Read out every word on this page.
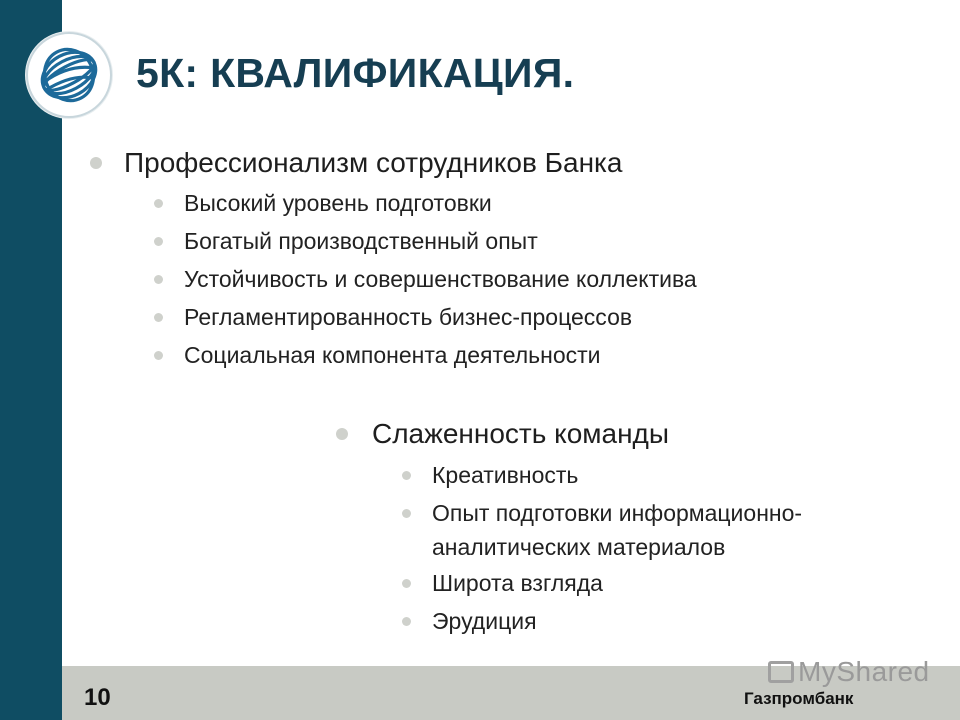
5К: КВАЛИФИКАЦИЯ.
Профессионализм сотрудников Банка
Высокий уровень подготовки
Богатый производственный опыт
Устойчивость и совершенствование коллектива
Регламентированность бизнес-процессов
Социальная компонента деятельности
Слаженность команды
Креативность
Опыт подготовки информационно-
аналитических материалов
Широта взгляда
Эрудиция
MyShared
10	Газпромбанк
